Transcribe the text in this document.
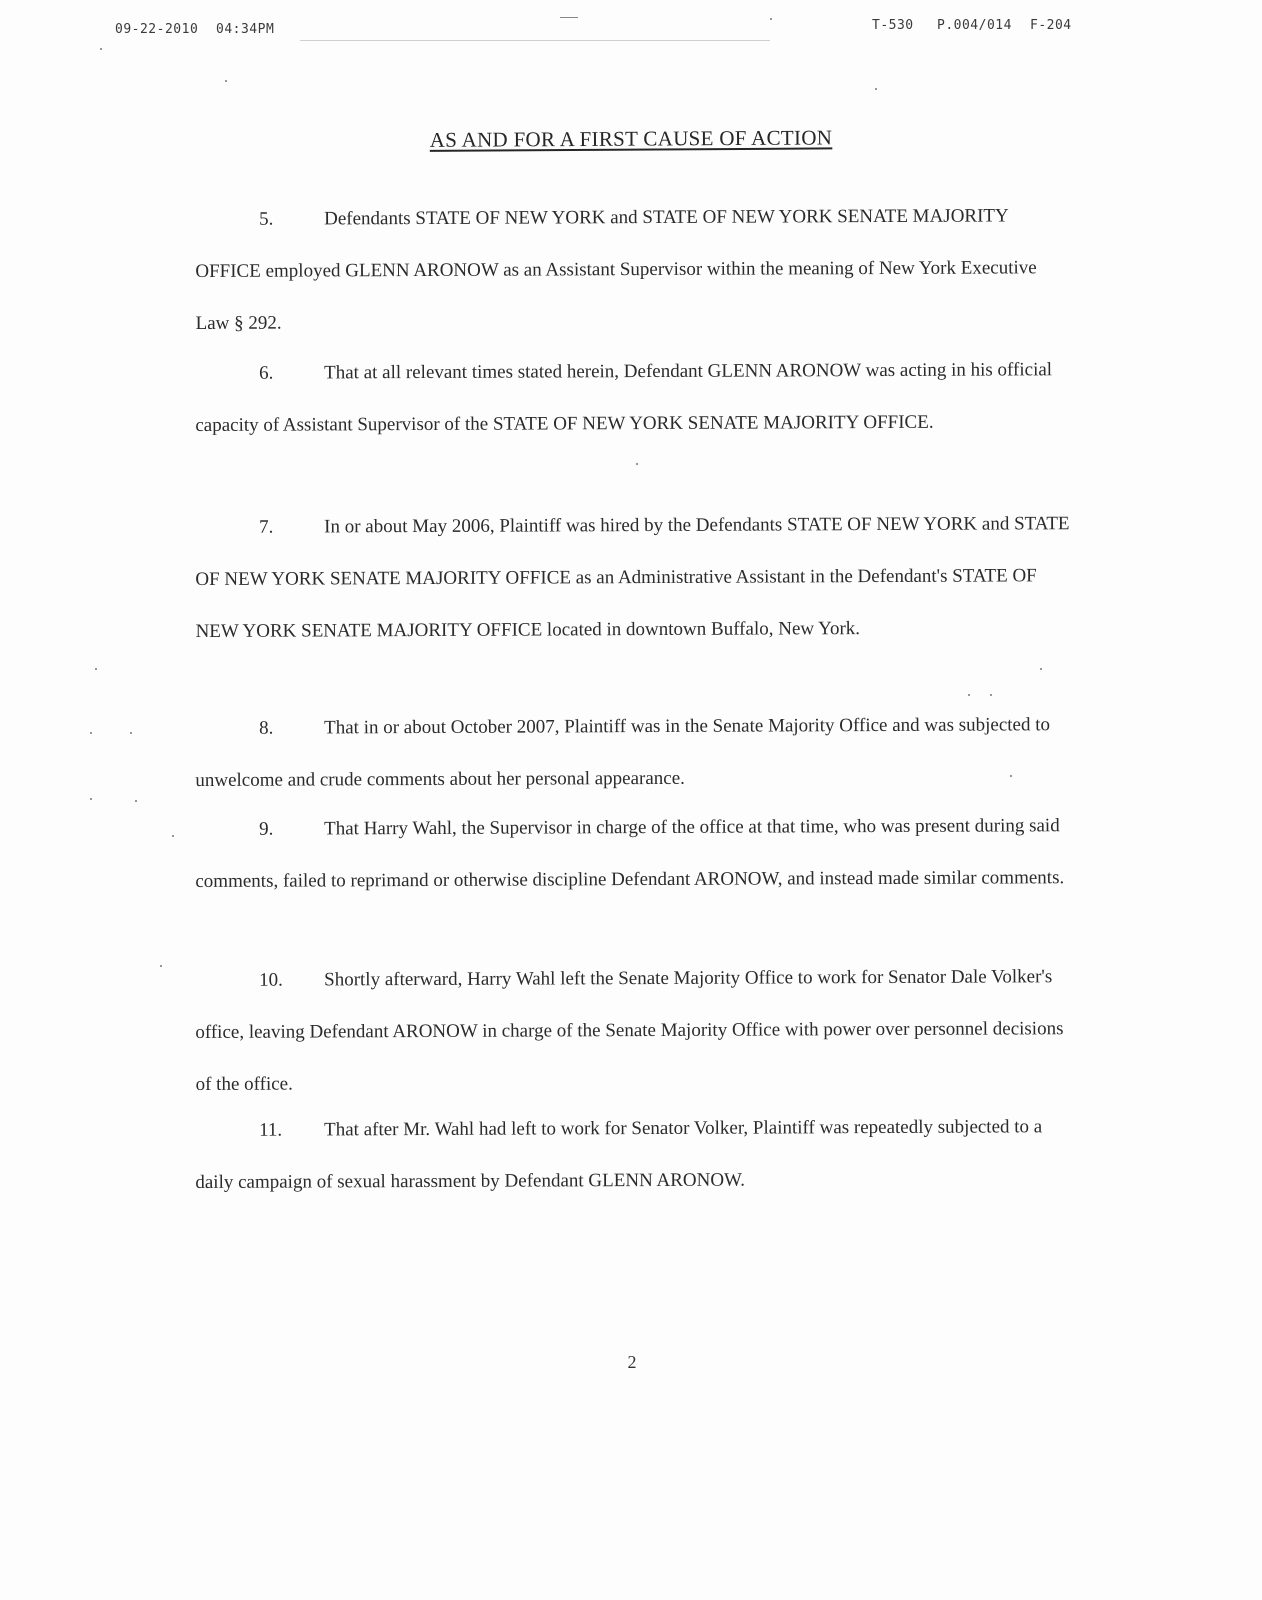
09-22-2010 04:34PM	T-530 P.004/014 F-204
AS AND FOR A FIRST CAUSE OF ACTION
5.	Defendants STATE OF NEW YORK and STATE OF NEW YORK SENATE MAJORITY OFFICE employed GLENN ARONOW as an Assistant Supervisor within the meaning of New York Executive Law § 292.
6.	That at all relevant times stated herein, Defendant GLENN ARONOW was acting in his official capacity of Assistant Supervisor of the STATE OF NEW YORK SENATE MAJORITY OFFICE.
7.	In or about May 2006, Plaintiff was hired by the Defendants STATE OF NEW YORK and STATE OF NEW YORK SENATE MAJORITY OFFICE as an Administrative Assistant in the Defendant's STATE OF NEW YORK SENATE MAJORITY OFFICE located in downtown Buffalo, New York.
8.	That in or about October 2007, Plaintiff was in the Senate Majority Office and was subjected to unwelcome and crude comments about her personal appearance.
9.	That Harry Wahl, the Supervisor in charge of the office at that time, who was present during said comments, failed to reprimand or otherwise discipline Defendant ARONOW, and instead made similar comments.
10. Shortly afterward, Harry Wahl left the Senate Majority Office to work for Senator Dale Volker's office, leaving Defendant ARONOW in charge of the Senate Majority Office with power over personnel decisions of the office.
11. That after Mr. Wahl had left to work for Senator Volker, Plaintiff was repeatedly subjected to a daily campaign of sexual harassment by Defendant GLENN ARONOW.
2
